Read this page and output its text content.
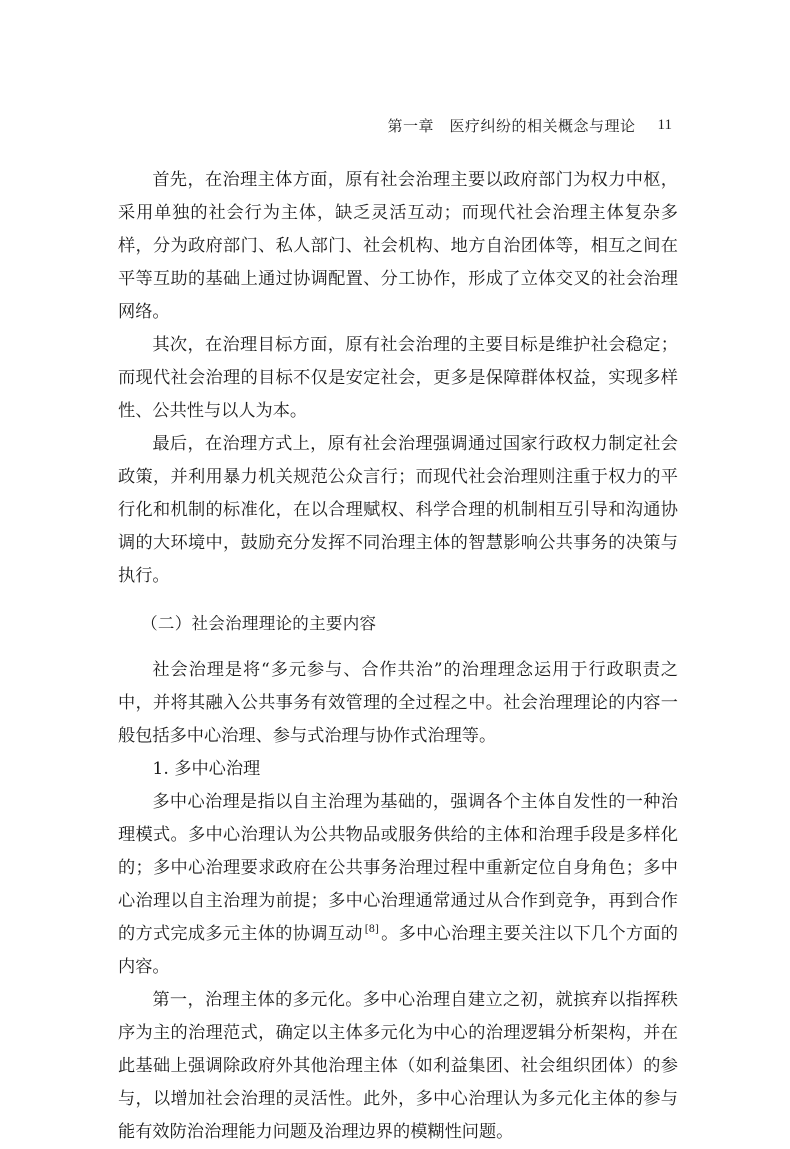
第一章　医疗纠纷的相关概念与理论 11

首先，在治理主体方面，原有社会治理主要以政府部门为权力中枢，采用单独的社会行为主体，缺乏灵活互动；而现代社会治理主体复杂多样，分为政府部门、私人部门、社会机构、地方自治团体等，相互之间在平等互助的基础上通过协调配置、分工协作，形成了立体交叉的社会治理网络。

其次，在治理目标方面，原有社会治理的主要目标是维护社会稳定；而现代社会治理的目标不仅是安定社会，更多是保障群体权益，实现多样性、公共性与以人为本。

最后，在治理方式上，原有社会治理强调通过国家行政权力制定社会政策，并利用暴力机关规范公众言行；而现代社会治理则注重于权力的平行化和机制的标准化，在以合理赋权、科学合理的机制相互引导和沟通协调的大环境中，鼓励充分发挥不同治理主体的智慧影响公共事务的决策与执行。

（二）社会治理理论的主要内容

社会治理是将“多元参与、合作共治”的治理理念运用于行政职责之中，并将其融入公共事务有效管理的全过程之中。社会治理理论的内容一般包括多中心治理、参与式治理与协作式治理等。

1. 多中心治理

多中心治理是指以自主治理为基础的，强调各个主体自发性的一种治理模式。多中心治理认为公共物品或服务供给的主体和治理手段是多样化的；多中心治理要求政府在公共事务治理过程中重新定位自身角色；多中心治理以自主治理为前提；多中心治理通常通过从合作到竞争，再到合作的方式完成多元主体的协调互动 [8] 。多中心治理主要关注以下几个方面的内容。

第一，治理主体的多元化。多中心治理自建立之初，就摈弃以指挥秩序为主的治理范式，确定以主体多元化为中心的治理逻辑分析架构，并在此基础上强调除政府外其他治理主体（如利益集团、社会组织团体）的参与，以增加社会治理的灵活性。此外，多中心治理认为多元化主体的参与能有效防治治理能力问题及治理边界的模糊性问题。
